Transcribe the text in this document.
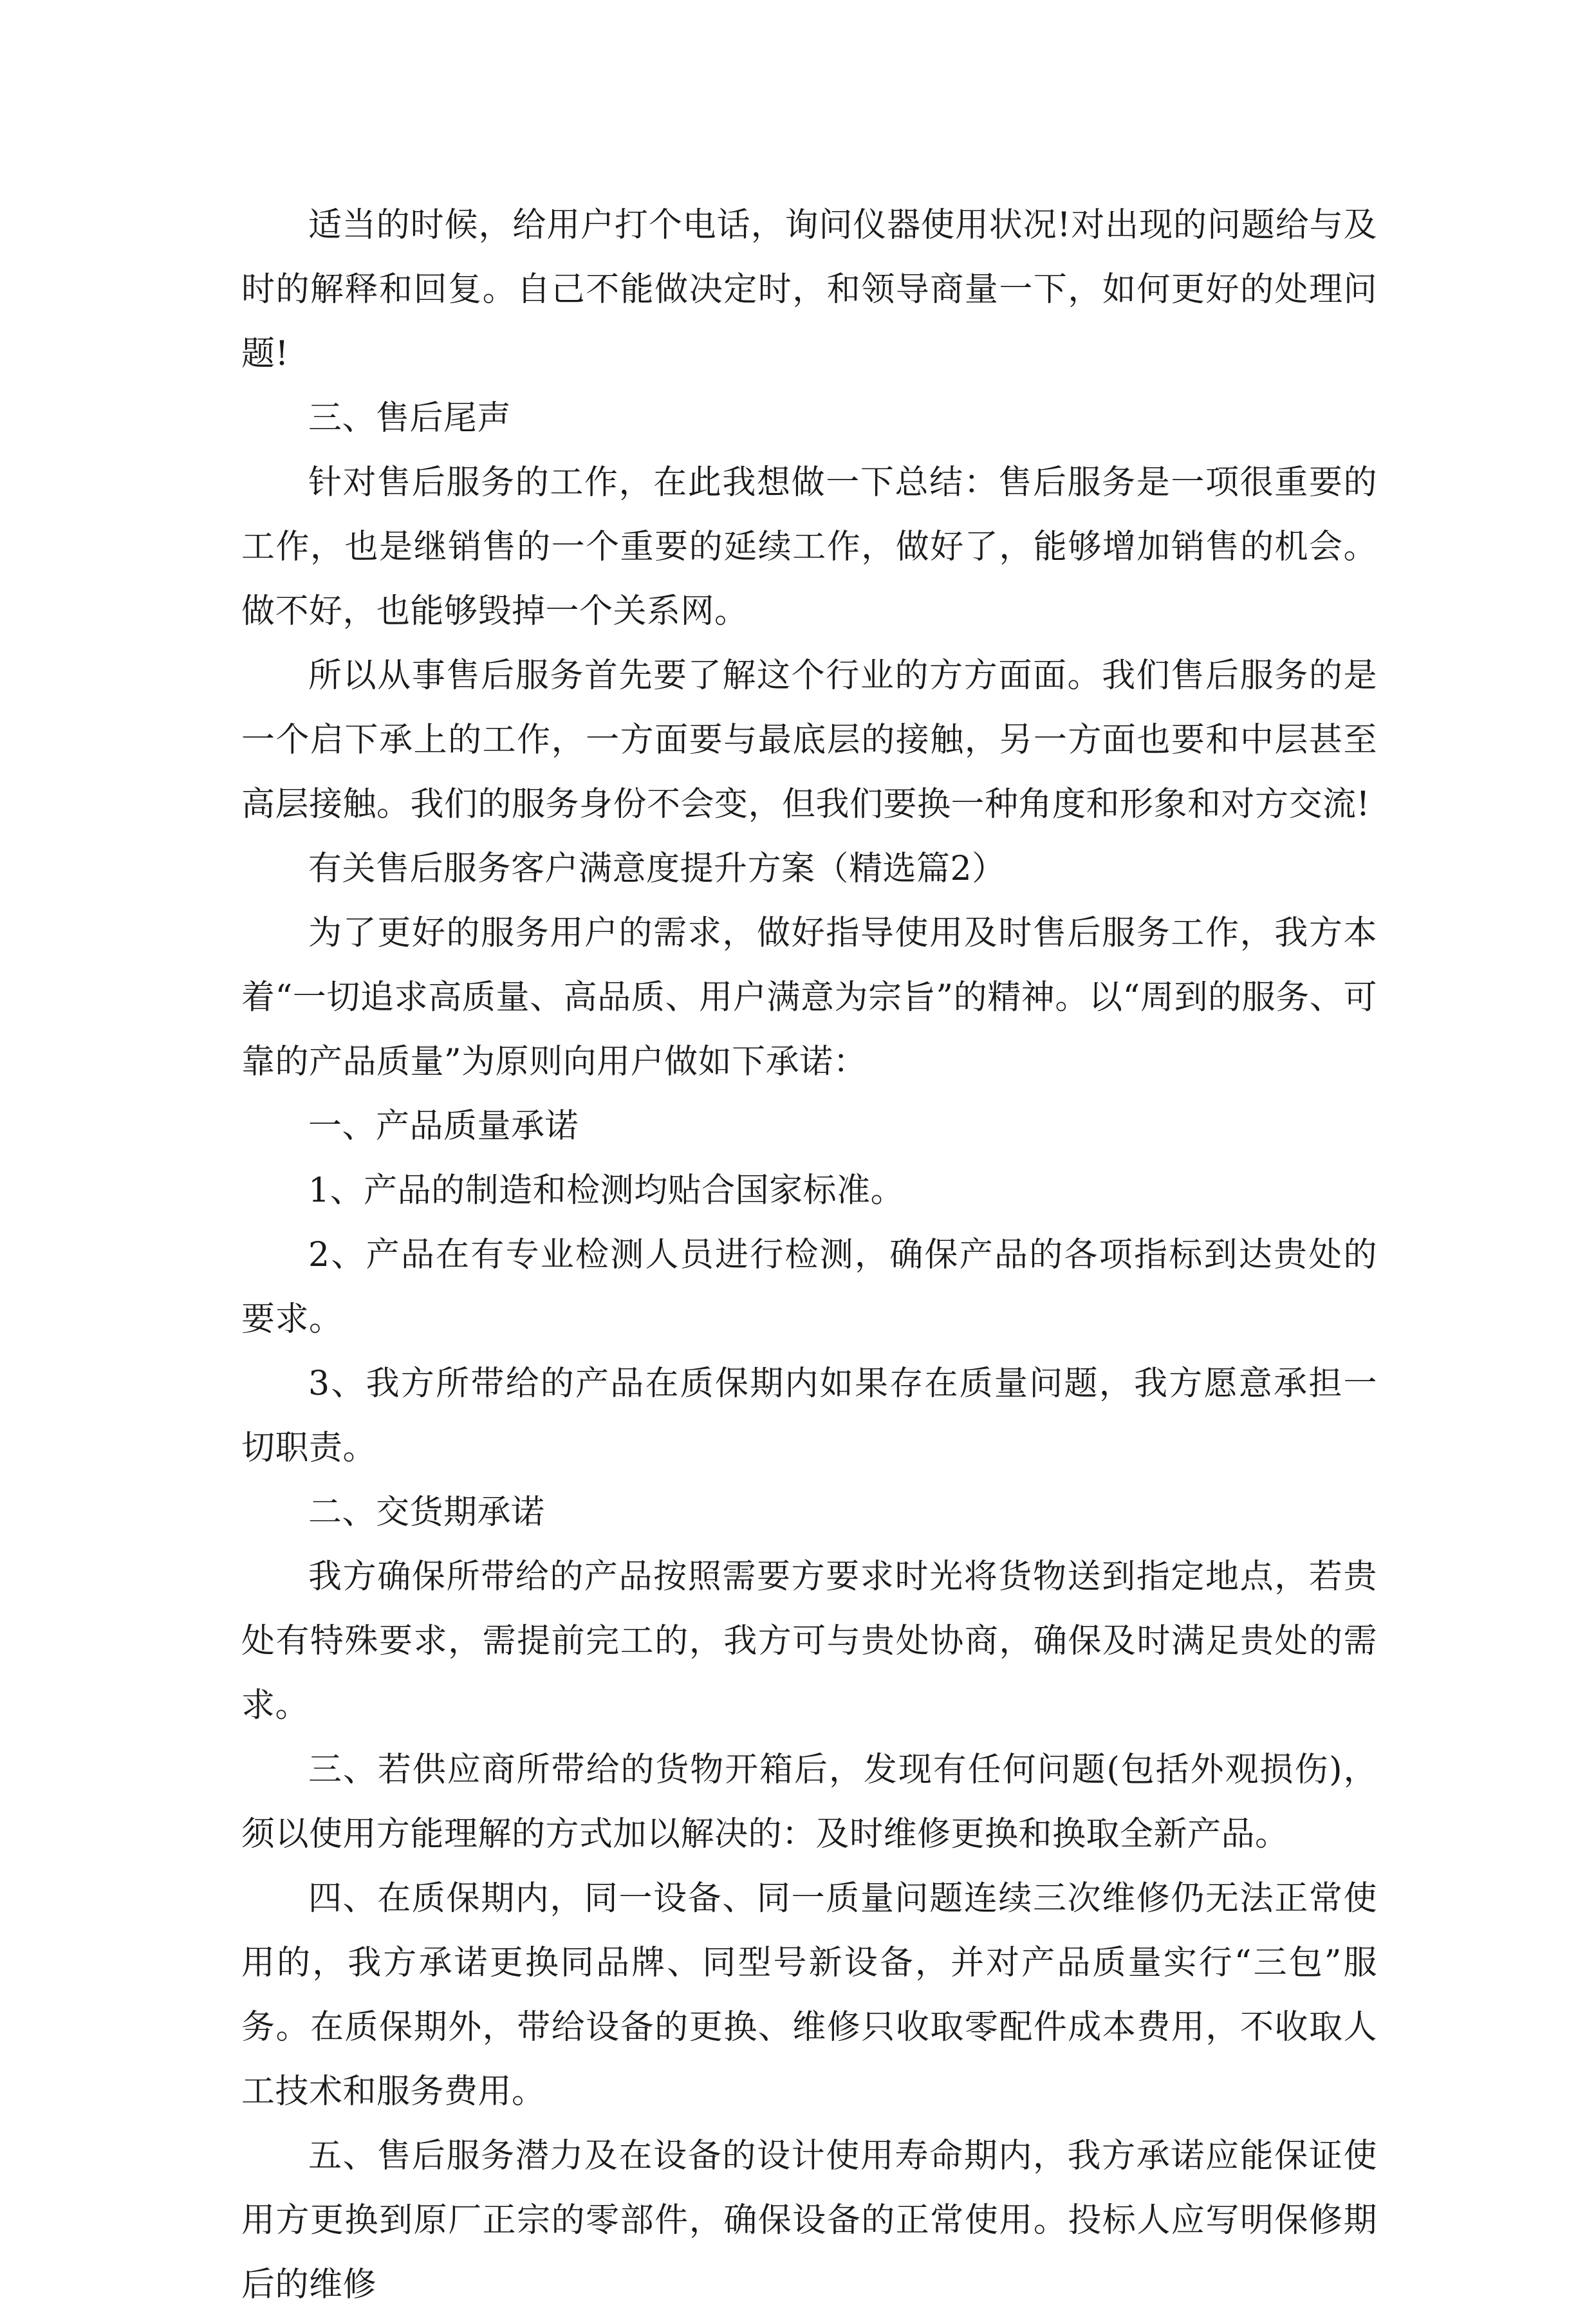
适当的时候，给用户打个电话，询问仪器使用状况!对出现的问题给与及时的解释和回复。自己不能做决定时，和领导商量一下，如何更好的处理问题!

三、售后尾声

针对售后服务的工作，在此我想做一下总结：售后服务是一项很重要的工作，也是继销售的一个重要的延续工作，做好了，能够增加销售的机会。做不好，也能够毁掉一个关系网。

所以从事售后服务首先要了解这个行业的方方面面。我们售后服务的是一个启下承上的工作，一方面要与最底层的接触，另一方面也要和中层甚至高层接触。我们的服务身份不会变，但我们要换一种角度和形象和对方交流!

有关售后服务客户满意度提升方案（精选篇2）

为了更好的服务用户的需求，做好指导使用及时售后服务工作，我方本着“一切追求高质量、高品质、用户满意为宗旨”的精神。以“周到的服务、可靠的产品质量”为原则向用户做如下承诺：

一、产品质量承诺

1、产品的制造和检测均贴合国家标准。

2、产品在有专业检测人员进行检测，确保产品的各项指标到达贵处的要求。

3、我方所带给的产品在质保期内如果存在质量问题，我方愿意承担一切职责。

二、交货期承诺

我方确保所带给的产品按照需要方要求时光将货物送到指定地点，若贵处有特殊要求，需提前完工的，我方可与贵处协商，确保及时满足贵处的需求。

三、若供应商所带给的货物开箱后，发现有任何问题(包括外观损伤)，须以使用方能理解的方式加以解决的：及时维修更换和换取全新产品。

四、在质保期内，同一设备、同一质量问题连续三次维修仍无法正常使用的，我方承诺更换同品牌、同型号新设备，并对产品质量实行“三包”服务。在质保期外，带给设备的更换、维修只收取零配件成本费用，不收取人工技术和服务费用。

五、售后服务潜力及在设备的设计使用寿命期内，我方承诺应能保证使用方更换到原厂正宗的零部件，确保设备的正常使用。投标人应写明保修期后的维修
